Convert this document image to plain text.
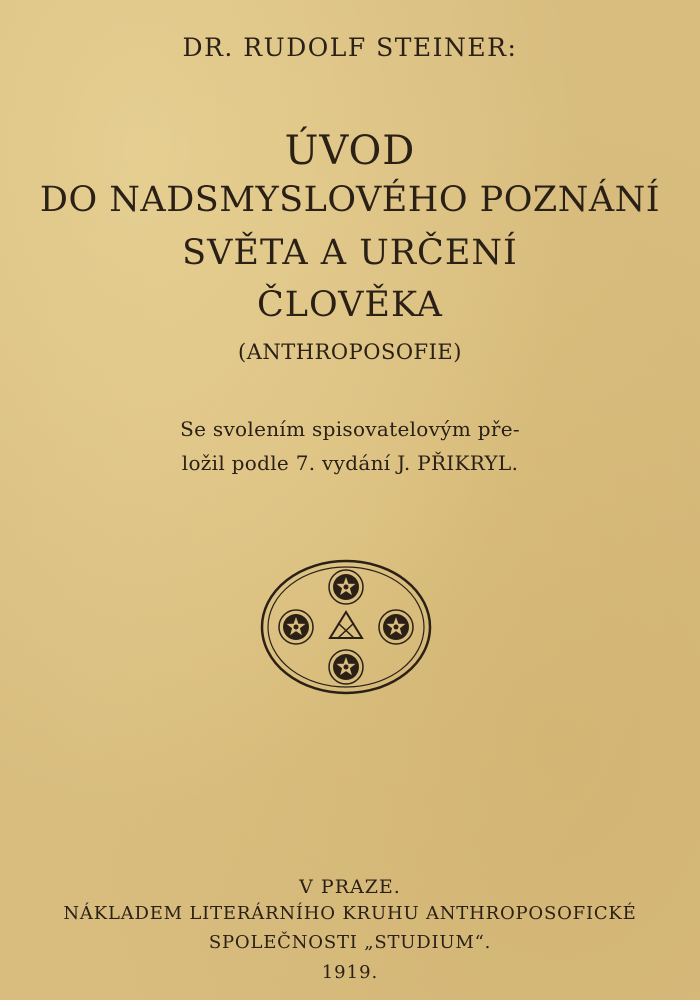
DR. RUDOLF STEINER:
ÚVOD
DO NADSMYSLOVÉHO POZNÁNÍ
SVĚTA A URČENÍ
ČLOVĚKA
(ANTHROPOSOFIE)
Se svolením spisovatelovým pře-
ložil podle 7. vydání J. PŘIKRYL.
V PRAZE.
NÁKLADEM LITERÁRNÍHO KRUHU ANTHROPOSOFICKÉ
SPOLEČNOSTI „STUDIUM“.
1919.
